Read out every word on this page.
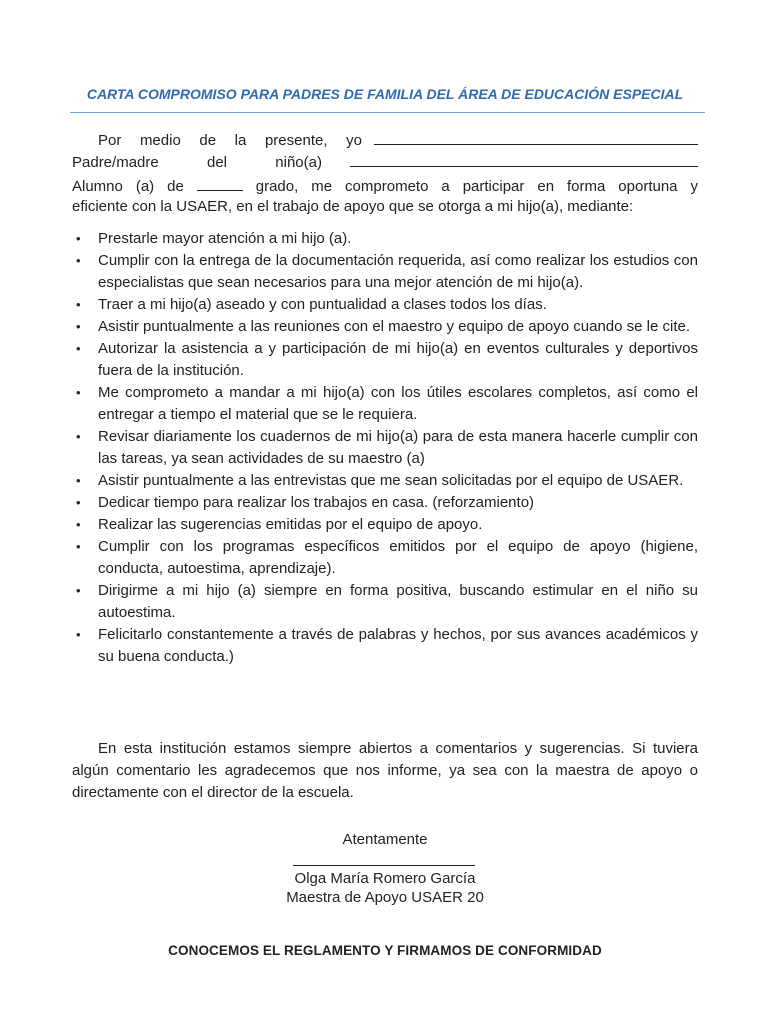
CARTA COMPROMISO PARA PADRES DE FAMILIA DEL ÁREA DE EDUCACIÓN ESPECIAL
Por medio de la presente, yo
Padre/madre	del	niño(a)
Alumno (a) de	grado, me comprometo a participar en forma oportuna y
eficiente con la USAER, en el trabajo de apoyo que se otorga a mi hijo(a), mediante:
• Prestarle mayor atención a mi hijo (a).
• Cumplir con la entrega de la documentación requerida, así como realizar los estudios con especialistas que sean necesarios para una mejor atención de mi hijo(a).
• Traer a mi hijo(a) aseado y con puntualidad a clases todos los días.
• Asistir puntualmente a las reuniones con el maestro y equipo de apoyo cuando se le cite.
• Autorizar la asistencia a y participación de mi hijo(a) en eventos culturales y deportivos fuera de la institución.
• Me comprometo a mandar a mi hijo(a) con los útiles escolares completos, así como el entregar a tiempo el material que se le requiera.
• Revisar diariamente los cuadernos de mi hijo(a) para de esta manera hacerle cumplir con las tareas, ya sean actividades de su maestro (a)
• Asistir puntualmente a las entrevistas que me sean solicitadas por el equipo de USAER.
• Dedicar tiempo para realizar los trabajos en casa. (reforzamiento)
• Realizar las sugerencias emitidas por el equipo de apoyo.
• Cumplir con los programas específicos emitidos por el equipo de apoyo (higiene, conducta, autoestima, aprendizaje).
• Dirigirme a mi hijo (a) siempre en forma positiva, buscando estimular en el niño su autoestima.
• Felicitarlo constantemente a través de palabras y hechos, por sus avances académicos y su buena conducta.)
En esta institución estamos siempre abiertos a comentarios y sugerencias. Si tuviera algún comentario les agradecemos que nos informe, ya sea con la maestra de apoyo o directamente con el director de la escuela.
Atentamente
Olga María Romero García
Maestra de Apoyo USAER 20
CONOCEMOS EL REGLAMENTO Y FIRMAMOS DE CONFORMIDAD
